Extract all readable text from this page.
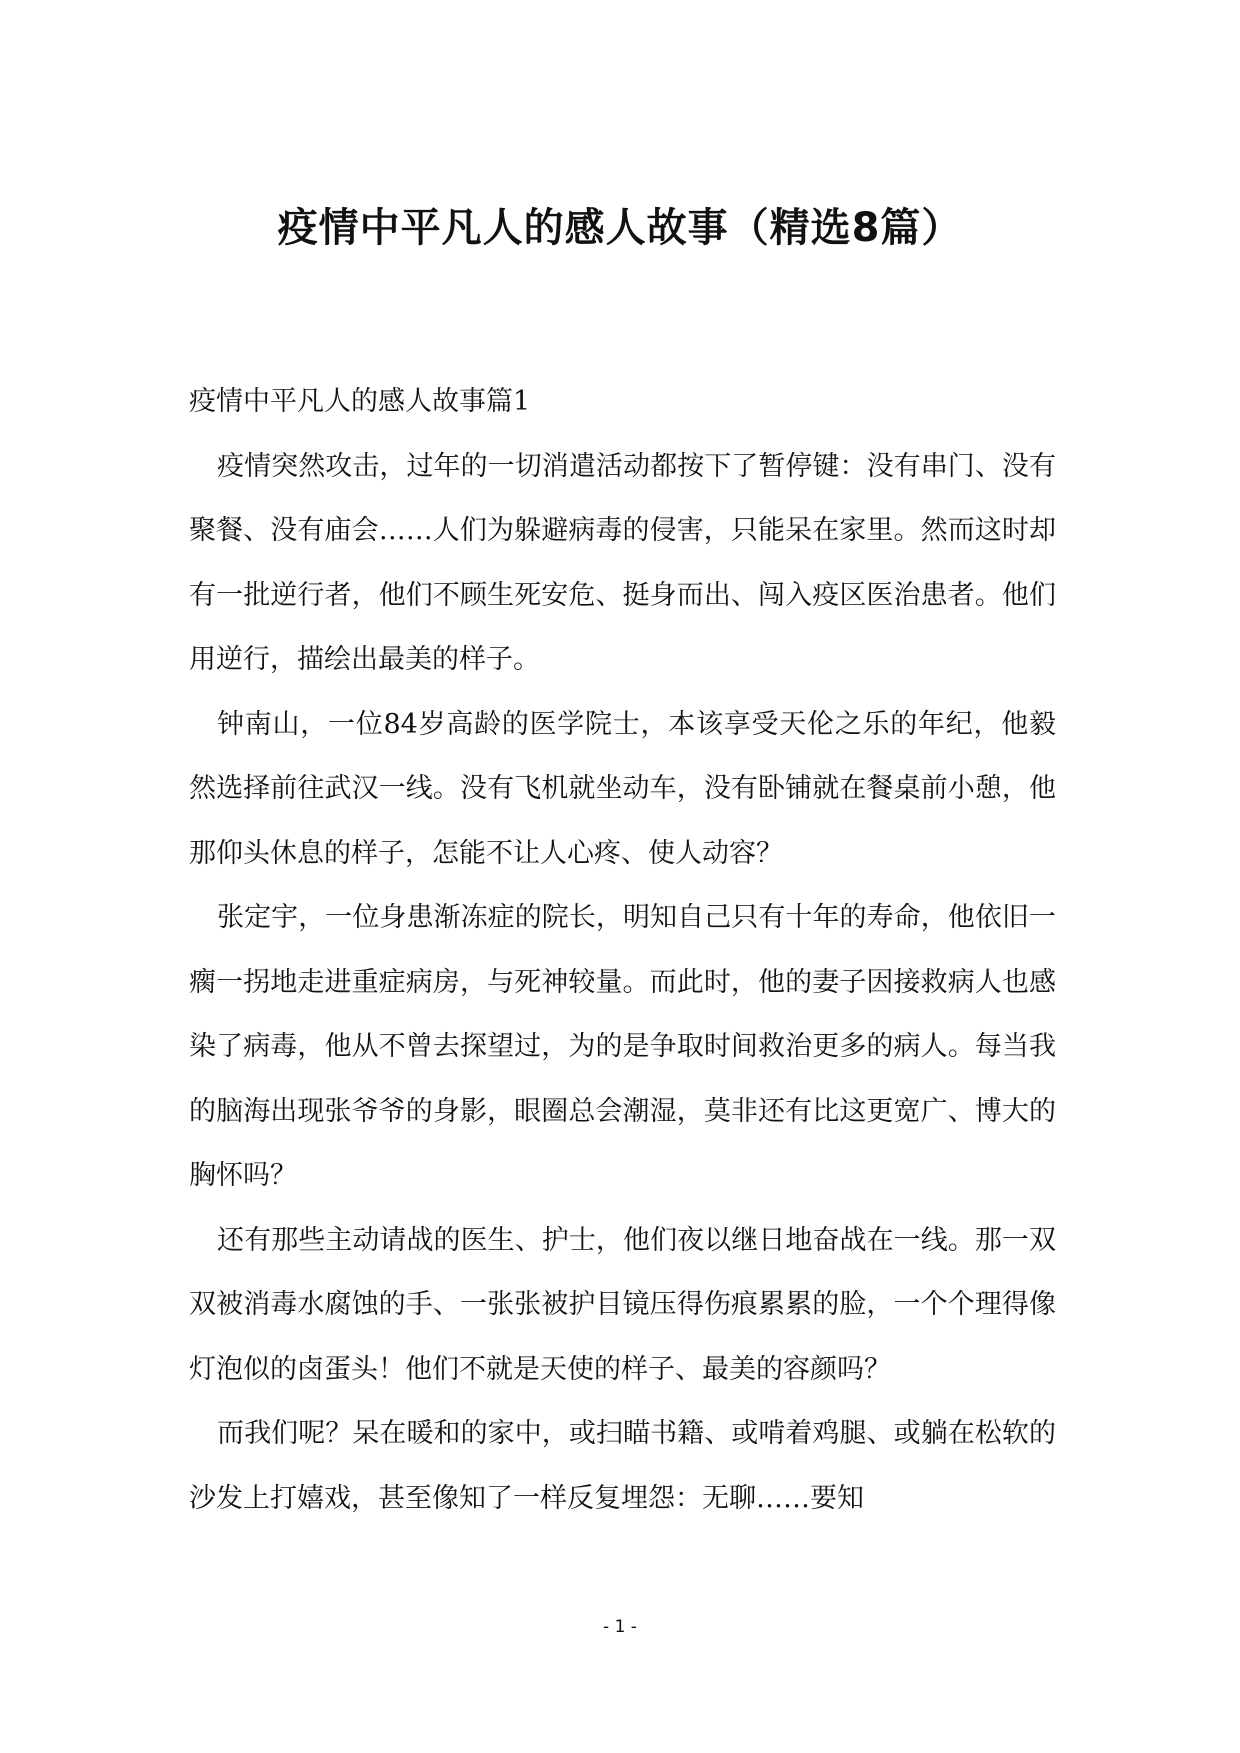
疫情中平凡人的感人故事（精选8篇）

疫情中平凡人的感人故事篇1

疫情突然攻击，过年的一切消遣活动都按下了暂停键：没有串门、没有聚餐、没有庙会……人们为躲避病毒的侵害，只能呆在家里。然而这时却有一批逆行者，他们不顾生死安危、挺身而出、闯入疫区医治患者。他们用逆行，描绘出最美的样子。

钟南山，一位84岁高龄的医学院士，本该享受天伦之乐的年纪，他毅然选择前往武汉一线。没有飞机就坐动车，没有卧铺就在餐桌前小憩，他那仰头休息的样子，怎能不让人心疼、使人动容？

张定宇，一位身患渐冻症的院长，明知自己只有十年的寿命，他依旧一瘸一拐地走进重症病房，与死神较量。而此时，他的妻子因接救病人也感染了病毒，他从不曾去探望过，为的是争取时间救治更多的病人。每当我的脑海出现张爷爷的身影，眼圈总会潮湿，莫非还有比这更宽广、博大的胸怀吗？

还有那些主动请战的医生、护士，他们夜以继日地奋战在一线。那一双双被消毒水腐蚀的手、一张张被护目镜压得伤痕累累的脸，一个个理得像灯泡似的卤蛋头！他们不就是天使的样子、最美的容颜吗？

而我们呢？呆在暖和的家中，或扫瞄书籍、或啃着鸡腿、或躺在松软的沙发上打嬉戏，甚至像知了一样反复埋怨：无聊……要知

- 1 -
